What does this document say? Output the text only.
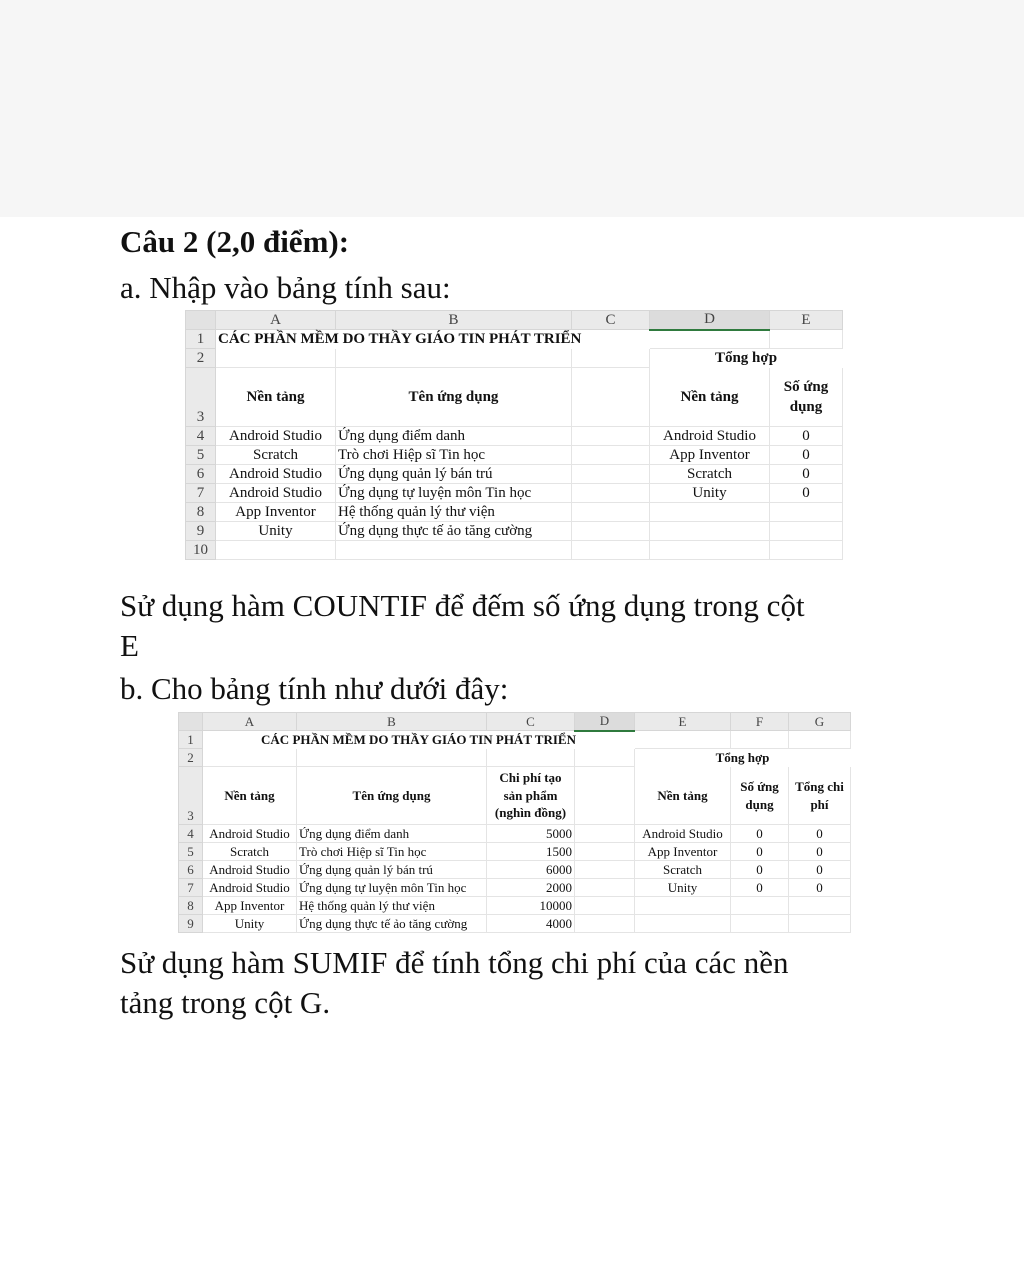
Câu 2 (2,0 điểm):
a. Nhập vào bảng tính sau:
	A	B	C	D	E
1	CÁC PHẦN MỀM DO THẦY GIÁO TIN PHÁT TRIỂN				
2				Tổng hợp	
3	Nền tảng	Tên ứng dụng		Nền tảng	Số ứng dụng
4	Android Studio	Ứng dụng điểm danh		Android Studio	0
5	Scratch	Trò chơi Hiệp sĩ Tin học		App Inventor	0
6	Android Studio	Ứng dụng quản lý bán trú		Scratch	0
7	Android Studio	Ứng dụng tự luyện môn Tin học		Unity	0
8	App Inventor	Hệ thống quản lý thư viện			
9	Unity	Ứng dụng thực tế ảo tăng cường			
10					
Sử dụng hàm COUNTIF để đếm số ứng dụng trong cột
E
b. Cho bảng tính như dưới đây:
	A	B	C	D	E	F	G
1	CÁC PHẦN MỀM DO THẦY GIÁO TIN PHÁT TRIỂN						
2					Tổng hợp		
3	Nền tảng	Tên ứng dụng	Chi phí tạo sản phẩm (nghìn đồng)		Nền tảng	Số ứng dụng	Tổng chi phí
4	Android Studio	Ứng dụng điểm danh	5000		Android Studio	0	0
5	Scratch	Trò chơi Hiệp sĩ Tin học	1500		App Inventor	0	0
6	Android Studio	Ứng dụng quản lý bán trú	6000		Scratch	0	0
7	Android Studio	Ứng dụng tự luyện môn Tin học	2000		Unity	0	0
8	App Inventor	Hệ thống quản lý thư viện	10000				
9	Unity	Ứng dụng thực tế ảo tăng cường	4000				
Sử dụng hàm SUMIF để tính tổng chi phí của các nền
tảng trong cột G.
